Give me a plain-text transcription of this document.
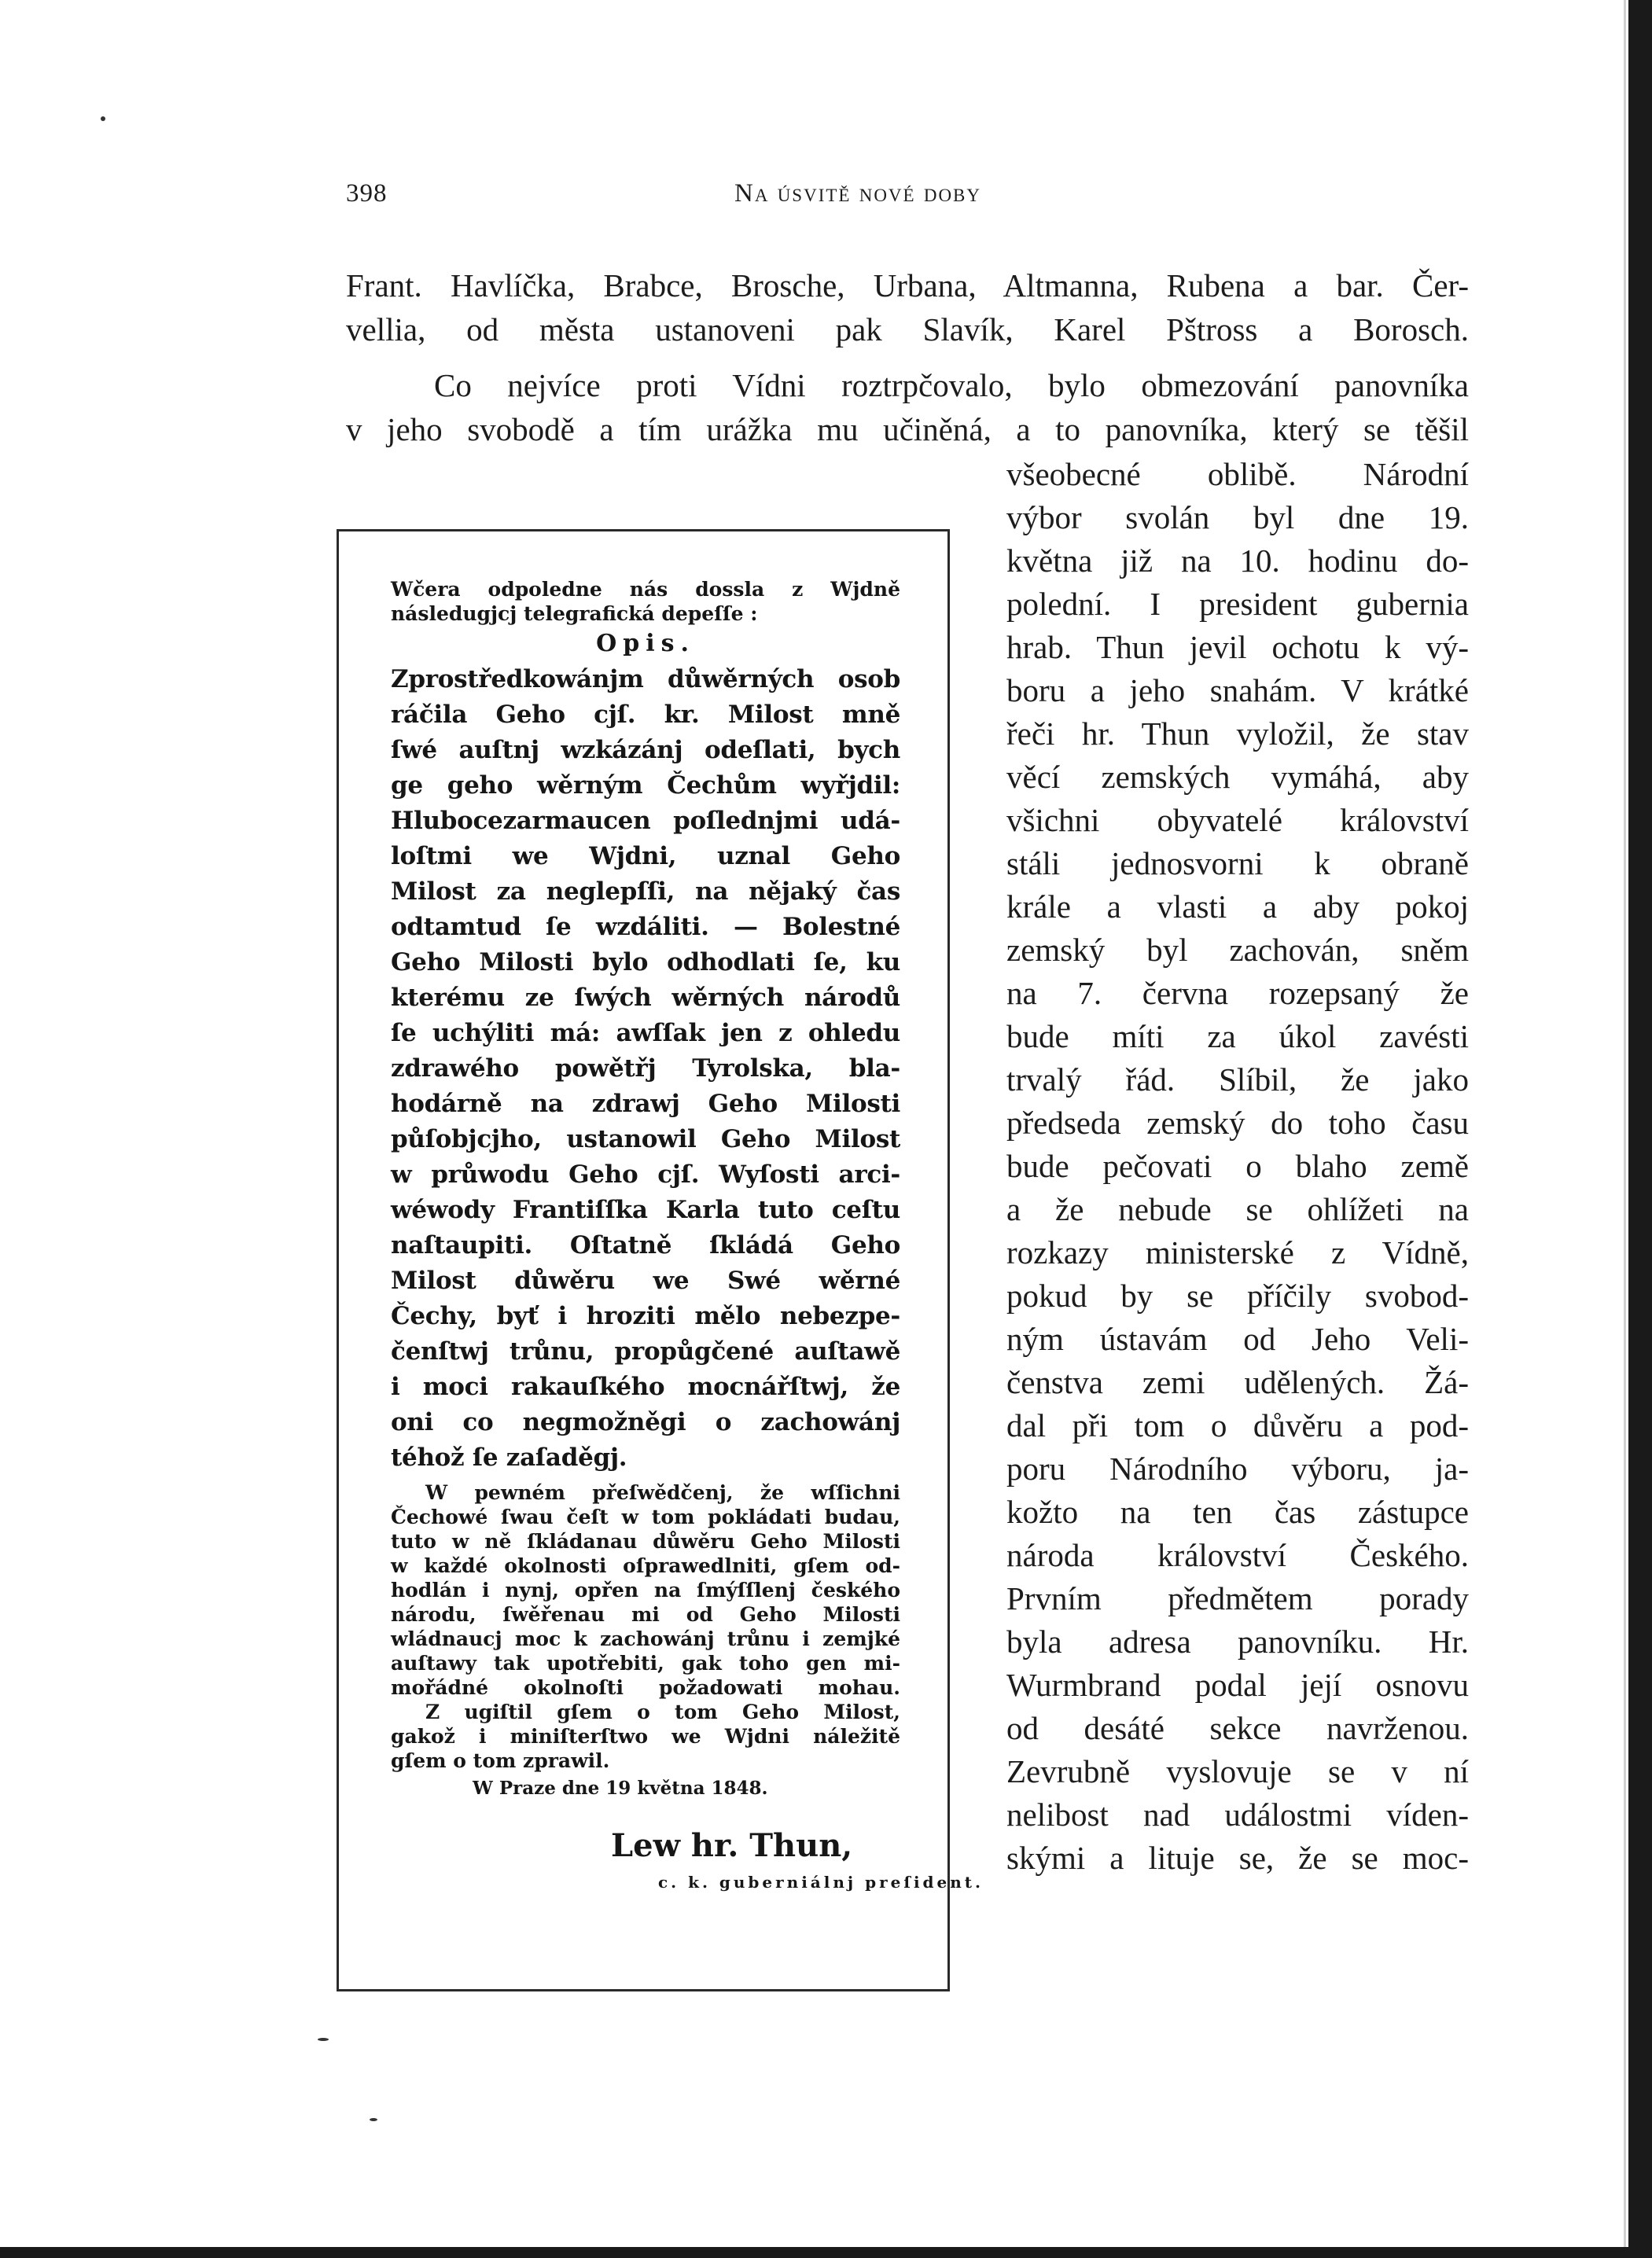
398	Na úsvitě nové doby
Frant. Havlíčka, Brabce, Brosche, Urbana, Altmanna, Rubena a bar. Čer-
vellia, od města ustanoveni pak Slavík, Karel Pštross a Borosch.
Co nejvíce proti Vídni roztrpčovalo, bylo obmezování panovníka
v jeho svobodě a tím urážka mu učiněná, a to panovníka, který se těšil
všeobecné oblibě. Národní
výbor svolán byl dne 19.
května již na 10. hodinu do-
polední. I president gubernia
hrab. Thun jevil ochotu k vý-
boru a jeho snahám. V krátké
řeči hr. Thun vyložil, že stav
věcí zemských vymáhá, aby
všichni obyvatelé království
stáli jednosvorni k obraně
krále a vlasti a aby pokoj
zemský byl zachován, sněm
na 7. června rozepsaný že
bude míti za úkol zavésti
trvalý řád. Slíbil, že jako
předseda zemský do toho času
bude pečovati o blaho země
a že nebude se ohlížeti na
rozkazy ministerské z Vídně,
pokud by se příčily svobod-
ným ústavám od Jeho Veli-
čenstva zemi udělených. Žá-
dal při tom o důvěru a pod-
poru Národního výboru, ja-
kožto na ten čas zástupce
národa království Českého.
Prvním předmětem porady
byla adresa panovníku. Hr.
Wurmbrand podal její osnovu
od desáté sekce navrženou.
Zevrubně vyslovuje se v ní
nelibost nad událostmi víden-
skými a lituje se, že se moc-
Wčera odpoledne nás dossla z Wjdně
následugjcj telegrafická depeſſe :
Opis.
Zprostředkowánjm důwěrných osob
ráčila Geho cjſ. kr. Milost mně
ſwé auſtnj wzkázánj odeſlati, bych
ge geho wěrným Čechům wyřjdil:
Hlubocezarmaucen poſlednjmi udá-
loſtmi we Wjdni, uznal Geho
Milost za neglepſſi, na nějaký čas
odtamtud ſe wzdáliti. — Bolestné
Geho Milosti bylo odhodlati ſe, ku
kterému ze ſwých wěrných národů
ſe uchýliti má: awſſak jen z ohledu
zdrawého powětřj Tyrolska, bla-
hodárně na zdrawj Geho Milosti
půſobjcjho, ustanowil Geho Milost
w průwodu Geho cjſ. Wyſosti arci-
wéwody Frantiſſka Karla tuto ceſtu
naſtaupiti. Oſtatně ſkládá Geho
Milost důwěru we Swé wěrné
Čechy, byť i hroziti mělo nebezpe-
čenſtwj trůnu, propůgčené auſtawě
i moci rakauſkého mocnářſtwj, že
oni co negmožněgi o zachowánj
téhož ſe zaſaděgj.
W pewném přeſwědčenj, že wſſichni
Čechowé ſwau čeſt w tom pokládati budau,
tuto w ně ſkládanau důwěru Geho Milosti
w každé okolnosti oſprawedlniti, gſem od-
hodlán i nynj, opřen na ſmýſſlenj českého
národu, ſwěřenau mi od Geho Milosti
wládnaucj moc k zachowánj trůnu i zemjké
auſtawy tak upotřebiti, gak toho gen mi-
mořádné okolnoſti požadowati mohau.
Z ugiſtil gſem o tom Geho Milost,
gakož i miniſterſtwo we Wjdni náležitě
gſem o tom zprawil.
W Praze dne 19 května 1848.
Lew hr. Thun,
c. k. guberniálnj preſident.
